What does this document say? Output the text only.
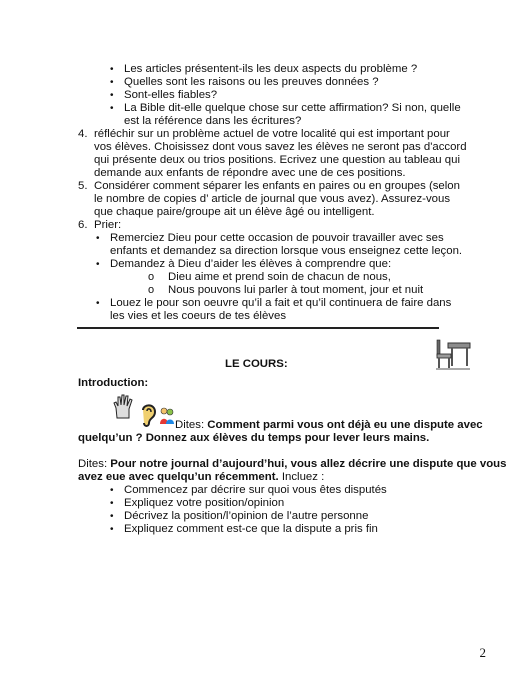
• Les articles présentent-ils les deux aspects du problème ?
• Quelles sont les raisons ou les preuves données ?
• Sont-elles fiables?
• La Bible dit-elle quelque chose sur cette affirmation? Si non, quelle
est la référence dans les écritures?
4. réfléchir sur un problème actuel de votre localité qui est important pour
vos élèves. Choisissez dont vous savez les élèves ne seront pas d'accord
qui présente deux ou trios positions. Ecrivez une question au tableau qui
demande aux enfants de répondre avec une de ces positions.
5. Considérer comment séparer les enfants en paires ou en groupes (selon
le nombre de copies d’ article de journal que vous avez). Assurez-vous
que chaque paire/groupe ait un élève âgé ou intelligent.
6. Prier:
• Remerciez Dieu pour cette occasion de pouvoir travailler avec ses
enfants et demandez sa direction lorsque vous enseignez cette leçon.
• Demandez à Dieu d’aider les élèves à comprendre que:
o Dieu aime et prend soin de chacun de nous,
o Nous pouvons lui parler à tout moment, jour et nuit
• Louez le pour son oeuvre qu’il a fait et qu’il continuera de faire dans
les vies et les coeurs de tes élèves
LE COURS:
Introduction:
Dites: Comment parmi vous ont déjà eu une dispute avec
quelqu’un ? Donnez aux élèves du temps pour lever leurs mains.
Dites: Pour notre journal d’aujourd’hui, vous allez décrire une dispute que vous
avez eue avec quelqu’un récemment. Incluez :
• Commencez par décrire sur quoi vous êtes disputés
• Expliquez votre position/opinion
• Décrivez la position/l’opinion de l’autre personne
• Expliquez comment est-ce que la dispute a pris fin
2
